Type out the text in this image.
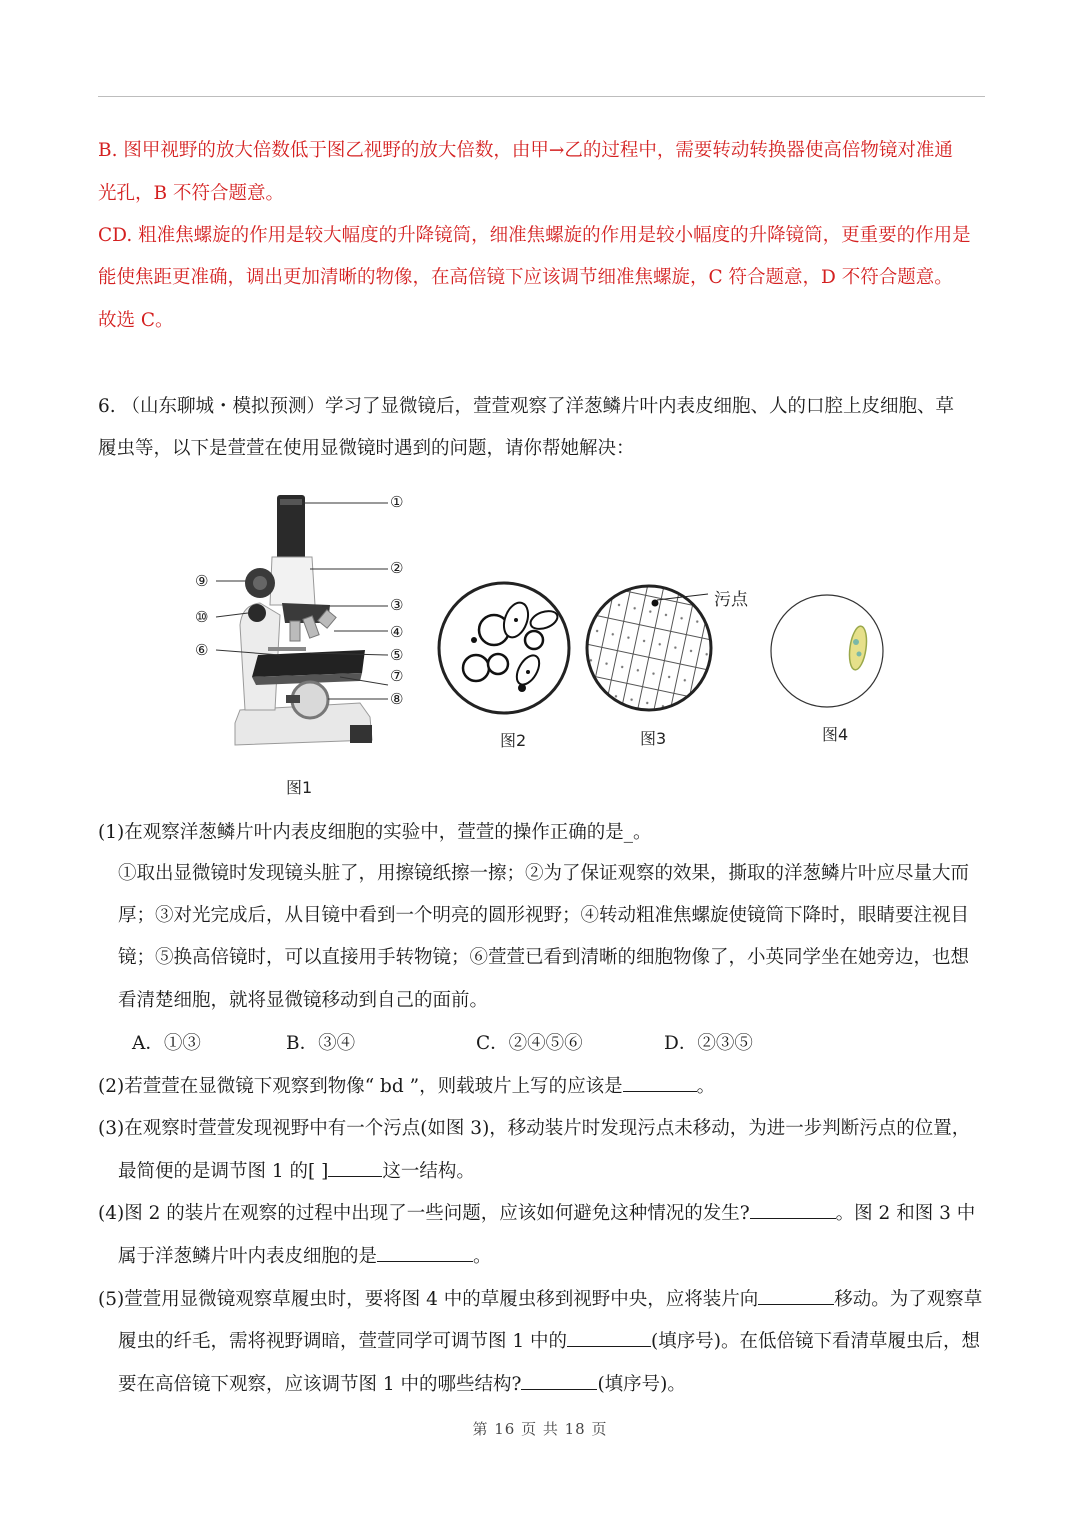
B. 图甲视野的放大倍数低于图乙视野的放大倍数，由甲→乙的过程中，需要转动转换器使高倍物镜对准通
光孔，B 不符合题意。
CD. 粗准焦螺旋的作用是较大幅度的升降镜筒，细准焦螺旋的作用是较小幅度的升降镜筒，更重要的作用是
能使焦距更准确，调出更加清晰的物像，在高倍镜下应该调节细准焦螺旋，C 符合题意，D 不符合题意。
故选 C。
6. （山东聊城・模拟预测）学习了显微镜后，萱萱观察了洋葱鳞片叶内表皮细胞、人的口腔上皮细胞、草
履虫等，以下是萱萱在使用显微镜时遇到的问题，请你帮她解决：
①
②
③
④
⑤
⑥
⑦
⑧
⑨
⑩
图1
图2
污点
图3	图4
(1)在观察洋葱鳞片叶内表皮细胞的实验中，萱萱的操作正确的是_。
①取出显微镜时发现镜头脏了，用擦镜纸擦一擦；②为了保证观察的效果，撕取的洋葱鳞片叶应尽量大而
厚；③对光完成后，从目镜中看到一个明亮的圆形视野；④转动粗准焦螺旋使镜筒下降时，眼睛要注视目
镜；⑤换高倍镜时，可以直接用手转物镜；⑥萱萱已看到清晰的细胞物像了，小英同学坐在她旁边，也想
看清楚细胞，就将显微镜移动到自己的面前。
A．①③	B．③④	C．②④⑤⑥	D．②③⑤
(2)若萱萱在显微镜下观察到物像“ bd ”，则载玻片上写的应该是	。
(3)在观察时萱萱发现视野中有一个污点(如图 3)，移动装片时发现污点未移动，为进一步判断污点的位置，
最简便的是调节图 1 的[ ]	这一结构。
(4)图 2 的装片在观察的过程中出现了一些问题，应该如何避免这种情况的发生?	。图 2 和图 3 中
属于洋葱鳞片叶内表皮细胞的是	。
(5)萱萱用显微镜观察草履虫时，要将图 4 中的草履虫移到视野中央，应将装片向	移动。为了观察草
履虫的纤毛，需将视野调暗，萱萱同学可调节图 1 中的	(填序号)。在低倍镜下看清草履虫后，想
要在高倍镜下观察，应该调节图 1 中的哪些结构?	(填序号)。
第 16 页 共 18 页
